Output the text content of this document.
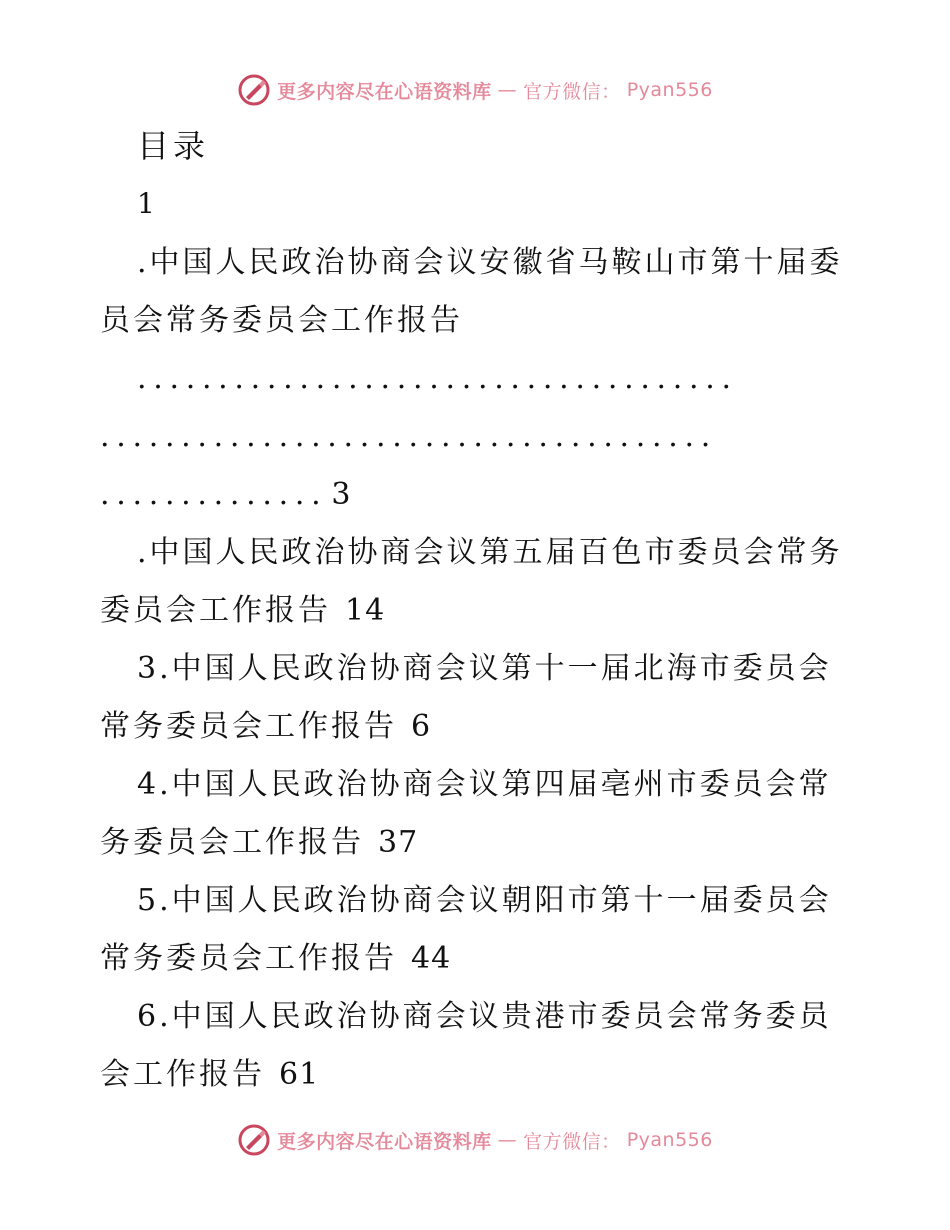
更多内容尽在心语资料库 — 官方微信： Pyan556
目录
1

.中国人民政治协商会议安徽省马鞍山市第十届委员会常务委员会工作报告

.....................................

......................................

.............. 3

.中国人民政治协商会议第五届百色市委员会常务委员会工作报告 14

3.中国人民政治协商会议第十一届北海市委员会常务委员会工作报告 6

4.中国人民政治协商会议第四届亳州市委员会常务委员会工作报告 37

5.中国人民政治协商会议朝阳市第十一届委员会常务委员会工作报告 44

6.中国人民政治协商会议贵港市委员会常务委员会工作报告 61

更多内容尽在心语资料库 — 官方微信： Pyan556
